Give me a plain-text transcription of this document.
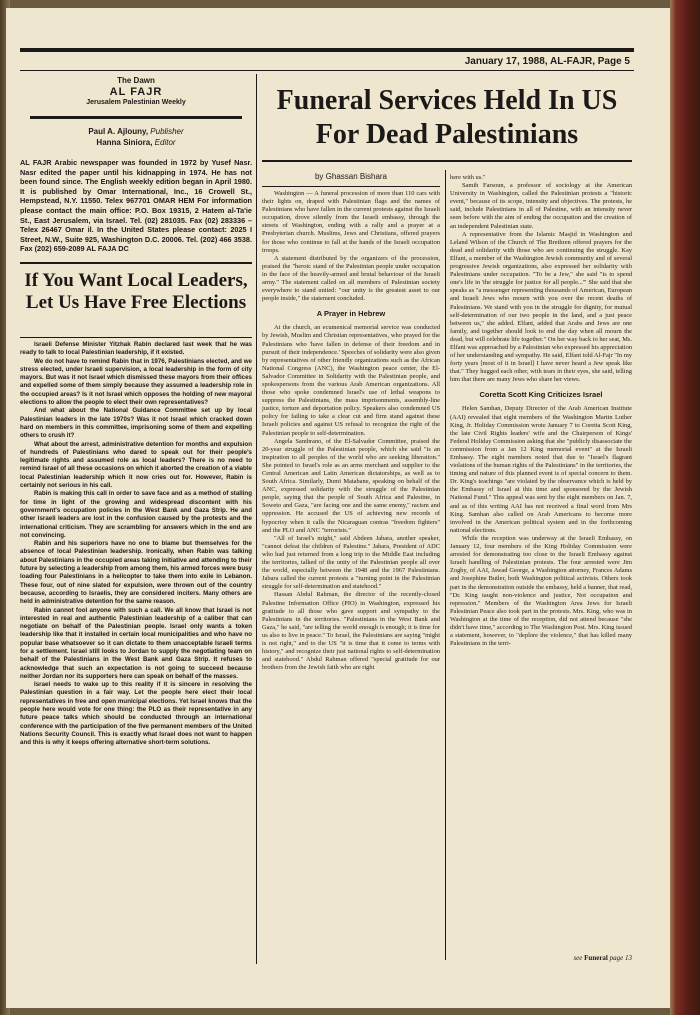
January 17, 1988, AL-FAJR, Page 5
The Dawn
AL FAJR
Jerusalem Palestinian Weekly
Paul A. Ajlouny, Publisher
Hanna Siniora, Editor
AL FAJR Arabic newspaper was founded in 1972 by Yusef Nasr. Nasr edited the paper until his kidnapping in 1974. He has not been found since. The English weekly edition began in April 1980. It is published by Omar International, Inc., 16 Crowell St., Hempstead, N.Y. 11550. Telex 967701 OMAR HEM For information please contact the main office: P.O. Box 19315, 2 Hatem al-Ta'ie St., East Jerusalem, via Israel. Tel. (02) 281035. Fax (02) 283336 – Telex 26467 Omar il. In the United States please contact: 2025 I Street, N.W., Suite 925, Washington D.C. 20006. Tel. (202) 466 3538. Fax (202) 659-2089 AL FAJA DC
If You Want Local Leaders, Let Us Have Free Elections

Israeli Defense Minister Yitzhak Rabin declared last week that he was ready to talk to local Palestinian leadership, if it existed.

We do not have to remind Rabin that in 1976, Palestinians elected, and we stress elected, under Israeli supervision, a local leadership in the form of city mayors. But was it not Israel which dismissed these mayors from their offices and expelled some of them simply because they assumed a leadership role in the occupied areas? Is it not Israel which opposes the holding of new mayoral elections to allow the people to elect their own representatives?

And what about the National Guidance Committee set up by local Palestinian leaders in the late 1970s? Was it not Israel which cracked down hard on members in this committee, imprisoning some of them and expelling others to crush it?

What about the arrest, administrative detention for months and expulsion of hundreds of Palestinians who dared to speak out for their people's legitimate rights and assumed role as local leaders? There is no need to remind Israel of all these occasions on which it aborted the creation of a viable local Palestinian leadership which it now cries out for. However, Rabin is certainly not serious in his call.

Rabin is making this call in order to save face and as a method of stalling for time in light of the growing and widespread discontent with his government's occupation policies in the West Bank and Gaza Strip. He and other Israeli leaders are lost in the confusion caused by the protests and the international criticism. They are scrambling for answers which in the end are not convincing.

Rabin and his superiors have no one to blame but themselves for the absence of local Palestinian leadership. Ironically, when Rabin was talking about Palestinians in the occupied areas taking initiative and attending to their future by selecting a leadership from among them, his armed forces were busy loading four Palestinians in a helicopter to take them into exile in Lebanon. These four, out of nine slated for expulsion, were thrown out of the country because, according to Israelis, they are considered inciters. Many others are held in administrative detention for the same reason.

Rabin cannot fool anyone with such a call. We all know that Israel is not interested in real and authentic Palestinian leadership of a caliber that can negotiate on behalf of the Palestinian people. Israel only wants a token leadership like that it installed in certain local municipalities and who have no popular base whatsoever so it can dictate to them unacceptable Israeli terms for a settlement. Israel still looks to Jordan to supply the negotiating team on behalf of the Palestinians in the West Bank and Gaza Strip. It refuses to acknowledge that such an expectation is not going to succeed because neither Jordan nor its supporters here can speak on behalf of the masses.

Israel needs to wake up to this reality if it is sincere in resolving the Palestinian question in a fair way. Let the people here elect their local representatives in free and open municipal elections. Yet Israel knows that the people here would vote for one thing: the PLO as their representative in any future peace talks which should be conducted through an international conference with the participation of the five permanent members of the United Nations Security Council. This is exactly what Israel does not want to happen and this is why it keeps offering alternative short-term solutions.

Funeral Services Held In US For Dead Palestinians
by Ghassan Bishara

Washington — A funeral procession of more than 110 cars with their lights on, draped with Palestinian flags and the names of Palestinians who have fallen in the current protests against the Israeli occupation, drove silently from the Israeli embassy, through the streets of Washington, ending with a rally and a prayer at a Presbyterian church. Muslims, Jews and Christians, offered prayers for those who continue to fall at the hands of the Israeli occupation troops.

A statement distributed by the organizers of the procession, praised the "heroic stand of the Palestinian people under occupation in the face of the heavily-armed and brutal behaviour of the Israeli army." The statement called on all members of Palestinian society everywhere to stand united: "our unity is the greatest asset to our people inside," the statement concluded.

A Prayer in Hebrew

At the church, an ecumenical memorial service was conducted by Jewish, Muslim and Christian representatives, who prayed for the Palestinians who 'have fallen in defense of their freedom and in pursuit of their independence.' Speeches of solidarity were also given by representatives of other friendly organizations such as the African National Congress (ANC), the Washington peace center, the El-Salvador Committee in Solidarity with the Palestinian people, and spokespersons from the various Arab American organizations. All those who spoke condemned Israel's use of lethal weapons to suppress the Palestinians, the mass imprisonments, assembly-line justice, torture and deportation policy. Speakers also condemned US policy for failing to take a clear cut and firm stand against these Israeli policies and against US refusal to recognize the right of the Palestinian people to self-determination.

Angela Sambrano, of the El-Salvador Committee, praised the 20-year struggle of the Palestinian people, which she said "is an inspiration to all peoples of the world who are seeking liberation." She pointed to Israel's role as an arms merchant and supplier to the Central American and Latin American dictatorships, as well as to South Africa. Similarly, Dumi Matabane, speaking on behalf of the ANC, expressed solidarity with the struggle of the Palestinian people, saying that the people of South Africa and Palestine, in Soweto and Gaza, "are facing one and the same enemy," racism and oppression. He accused the US of achieving new records of hypocrisy when it calls the Nicaraguan contras "freedom fighters" and the PLO and ANC "terrorists."

"All of Israel's might," said Abdeen Jabara, another speaker, "cannot defeat the children of Palestine." Jabara, President of ADC who had just returned from a long trip to the Middle East including the territories, talked of the unity of the Palestinian people all over the world, especially between the 1948 and the 1967 Palestinians. Jabara called the current protests a "turning point in the Palestinian struggle for self-determination and statehood."

Hassan Abdul Rahman, the director of the recently-closed Palestine Information Office (PIO) in Washington, expressed his gratitude to all those who gave support and sympathy to the Palestinians in the territories. "Palestinians in the West Bank and Gaza," he said, "are telling the world enough is enough; it is time for us also to live in peace." To Israel, the Palestinians are saying "might is not right," and to the US "it is time that it come to terms with history," and recognize their just national rights to self-determination and statehood." Abdul Rahman offered "special gratitude for our brothers from the Jewish faith who are right

here with us."

Samih Farsoun, a professor of sociology at the American University in Washington, called the Palestinian protests a "historic event," because of its scope, intensity and objectives. The protests, he said, include Palestinians in all of Palestine, with an intensity never seen before with the aim of ending the occupation and the creation of an independent Palestinian state.

A representative from the Islamic Masjid in Washington and Leland Wilson of the Church of The Brethren offered prayers for the dead and solidarity with those who are continuing the struggle. Kay Elfant, a member of the Washington Jewish community and of several progressive Jewish organizations, also expressed her solidarity with Palestinians under occupation. "To be a Jew," she said "is to spend one's life in 'the struggle for justice for all people...'" She said that she speaks as "a messenger representing thousands of American, European and Israeli Jews who mourn with you over the recent deaths of Palestinians. We stand with you in the struggle for dignity, for mutual self-determination of our two people in the land, and a just peace between us," she added. Elfant, added that Arabs and Jews are one family, and together should look to end the day when all mourn the dead, but will celebrate life together." On her way back to her seat, Ms. Elfant was approached by a Palestinian who expressed his appreciation of her understanding and sympathy. He said, Elfant told Al-Fajr "In my forty years [most of it in Israel] I have never heard a Jew speak like that." They hugged each other, with tears in their eyes, she said, telling him that there are many Jews who share her views.

Coretta Scott King Criticizes Israel

Helen Samhan, Deputy Director of the Arab American Institute (AAI) revealed that eight members of the Washington Martin Luther King, Jr. Holiday Commission wrote January 7 to Coretta Scott King, the late Civil Rights leaders' wife and the Chairperson of Kings' Federal Holiday Commission asking that she "publicly disassociate the commission from a Jan 12 King memorial event" at the Israeli Embassy. The eight members noted that due to "Israel's flagrant violations of the human rights of the Palestinians" in the territories, the timing and nature of this planned event is of special concern to them. Dr. King's teachings "are violated by the observance which is held by the Embassy of Israel at this time and sponsored by the Jewish National Fund." This appeal was sent by the eight members on Jan. 7, and as of this writing AAI has not received a final word from Mrs King. Samhan also called on Arab Americans to become more involved in the American political system and in the forthcoming national elections.

While the reception was underway at the Israeli Embassy, on January 12, four members of the King Holiday Commission were arrested for demonstrating too close to the Israeli Embassy against Israeli handling of Palestinian protests. The four arrested were Jim Zogby, of AAI, Jawad George, a Washington attorney, Frances Adams and Josephine Butler, both Washington political activists. Others took part in the demonstration outside the embassy, held a banner, that read, "Dr. King taught non-violence and justice, Not occupation and repression." Members of the Washington Area Jews for Israeli Palestinian Peace also took part in the protests. Mrs. King, who was in Washington at the time of the reception, did not attend because "she didn't have time," according to The Washington Post. Mrs. King issued a statement, however, to "deplore the violence," that has killed many Palestinians in the terri-

see Funeral page 13
